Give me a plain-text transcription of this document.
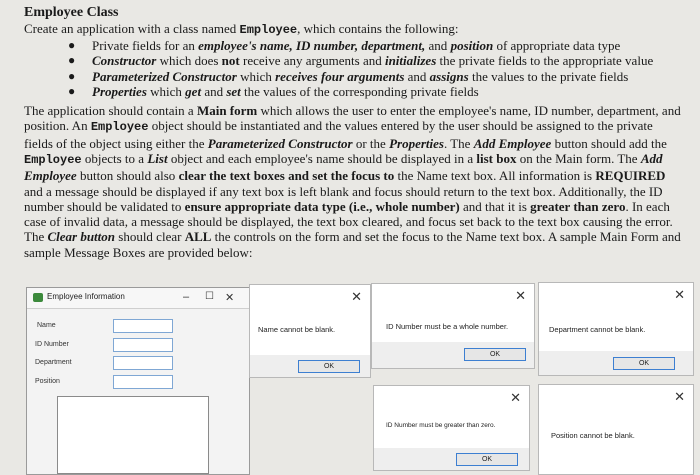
Employee Class
Create an application with a class named Employee, which contains the following:
● Private fields for an employee's name, ID number, department, and position of appropriate data type
● Constructor which does not receive any arguments and initializes the private fields to the appropriate value
● Parameterized Constructor which receives four arguments and assigns the values to the private fields
● Properties which get and set the values of the corresponding private fields
The application should contain a Main form which allows the user to enter the employee's name, ID number, department, and position. An Employee object should be instantiated and the values entered by the user should be assigned to the private fields of the object using either the Parameterized Constructor or the Properties. The Add Employee button should add the Employee objects to a List object and each employee's name should be displayed in a list box on the Main form. The Add Employee button should also clear the text boxes and set the focus to the Name text box. All information is REQUIRED and a message should be displayed if any text box is left blank and focus should return to the text box. Additionally, the ID number should be validated to ensure appropriate data type (i.e., whole number) and that it is greater than zero. In each case of invalid data, a message should be displayed, the text box cleared, and focus set back to the text box causing the error. The Clear button should clear ALL the controls on the form and set the focus to the Name text box. A sample Main Form and sample Message Boxes are provided below:
Employee Information	– ☐ ✕
Name
ID Number
Department
Position
✕
Name cannot be blank.
OK
✕
ID Number must be a whole number.
OK
✕
Department cannot be blank.
OK
✕
ID Number must be greater than zero.
OK
✕
Position cannot be blank.
